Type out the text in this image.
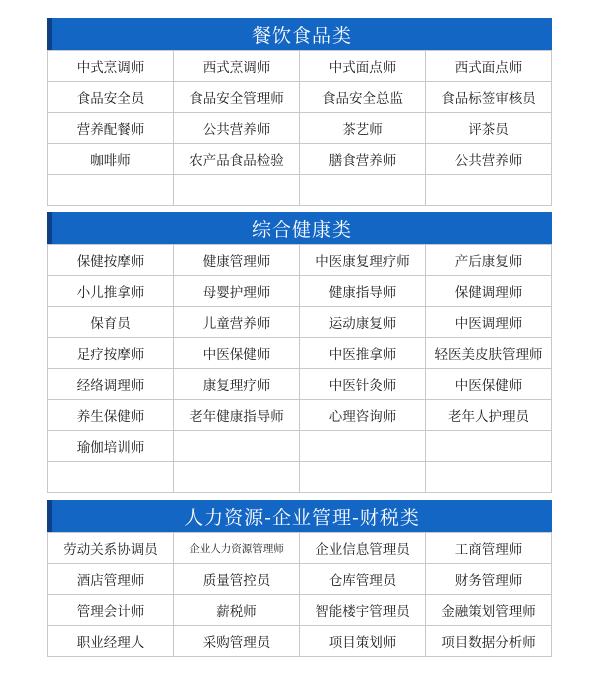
餐饮食品类
中式烹调师	西式烹调师	中式面点师	西式面点师
食品安全员	食品安全管理师	食品安全总监	食品标签审核员
营养配餐师	公共营养师	茶艺师	评茶员
咖啡师	农产品食品检验	膳食营养师	公共营养师

综合健康类
保健按摩师	健康管理师	中医康复理疗师	产后康复师
小儿推拿师	母婴护理师	健康指导师	保健调理师
保育员	儿童营养师	运动康复师	中医调理师
足疗按摩师	中医保健师	中医推拿师	轻医美皮肤管理师
经络调理师	康复理疗师	中医针灸师	中医保健师
养生保健师	老年健康指导师	心理咨询师	老年人护理员
瑜伽培训师			

人力资源-企业管理-财税类
劳动关系协调员	企业人力资源管理师	企业信息管理员	工商管理师
酒店管理师	质量管控员	仓库管理员	财务管理师
管理会计师	薪税师	智能楼宇管理员	金融策划管理师
职业经理人	采购管理员	项目策划师	项目数据分析师
